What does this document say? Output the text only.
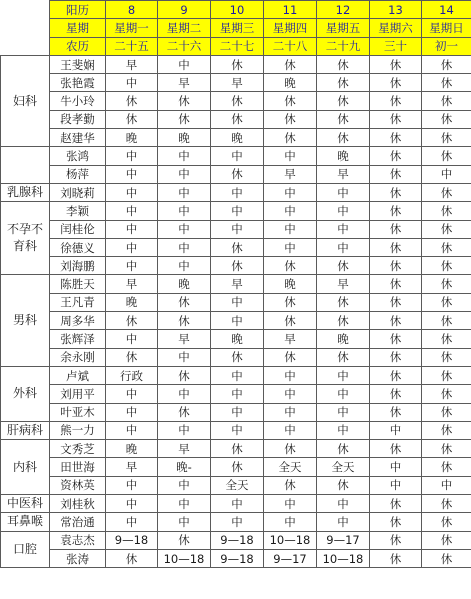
	阳历	8	9	10	11	12	13	14
	星期	星期一	星期二	星期三	星期四	星期五	星期六	星期日
	农历	二十五	二十六	二十七	二十八	二十九	三十	初一
妇科	王斐娴	早	中	休	休	休	休	休
	张艳霞	中	早	早	晚	休	休	休
	牛小玲	休	休	休	休	休	休	休
	段孝勤	休	休	休	休	休	休	休
	赵建华	晚	晚	晚	休	休	休	休
	张鸿	中	中	中	中	晚	休	休
	杨萍	中	中	休	早	早	休	中
乳腺科	刘晓莉	中	中	中	中	中	休	休
不孕不
育科	李颖	中	中	中	中	中	休	休
	闰桂伦	中	中	中	中	中	休	休
	徐德义	中	中	休	中	中	休	休
	刘海鹏	中	中	休	休	休	休	休
男科	陈胜天	早	晚	早	晚	早	休	休
	王凡青	晚	休	中	休	休	休	休
	周多华	休	休	中	休	休	休	休
	张辉泽	中	早	晚	早	晚	休	休
	余永刚	休	中	休	休	休	休	休
外科	卢斌	行政	休	中	中	中	休	休
	刘用平	中	中	中	中	中	休	休
	叶亚木	中	休	中	中	中	休	休
肝病科	熊一力	中	中	中	中	中	中	休
内科	文秀芝	晚	早	休	休	休	休	休
	田世海	早	晚-	休	全天	全天	中	休
	资林英	中	中	全天	休	休	中	中
中医科	刘桂秋	中	中	中	中	中	休	休
耳鼻喉	常治通	中	中	中	中	中	休	休
口腔	袁志杰	9—18	休	9—18	10—18	9—17	休	休
	张涛	休	10—18	9—18	9—17	10—18	休	休
